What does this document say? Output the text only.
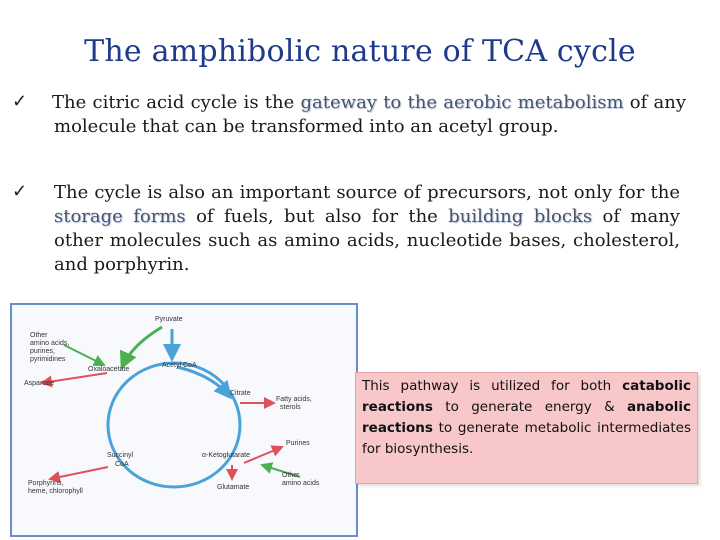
The amphibolic nature of TCA cycle
✓ The citric acid cycle is the gateway to the aerobic metabolism of any molecule that can be transformed into an acetyl group.
✓ The cycle is also an important source of precursors, not only for the storage forms of fuels, but also for the building blocks of many other molecules such as amino acids, nucleotide bases, cholesterol, and porphyrin.
Pyruvate
Acetyl CoA
Oxaloacetate
Citrate
Succinyl
CoA
α-Ketoglutarate
Glutamate
Aspartate
Fatty acids,
sterols
Purines
Other
amino acids,
purines,
pyrimidines
Other
amino acids
Porphyrins,
heme, chlorophyll
This pathway is utilized for both catabolic reactions to generate energy & anabolic reactions to generate metabolic intermediates for biosynthesis.
